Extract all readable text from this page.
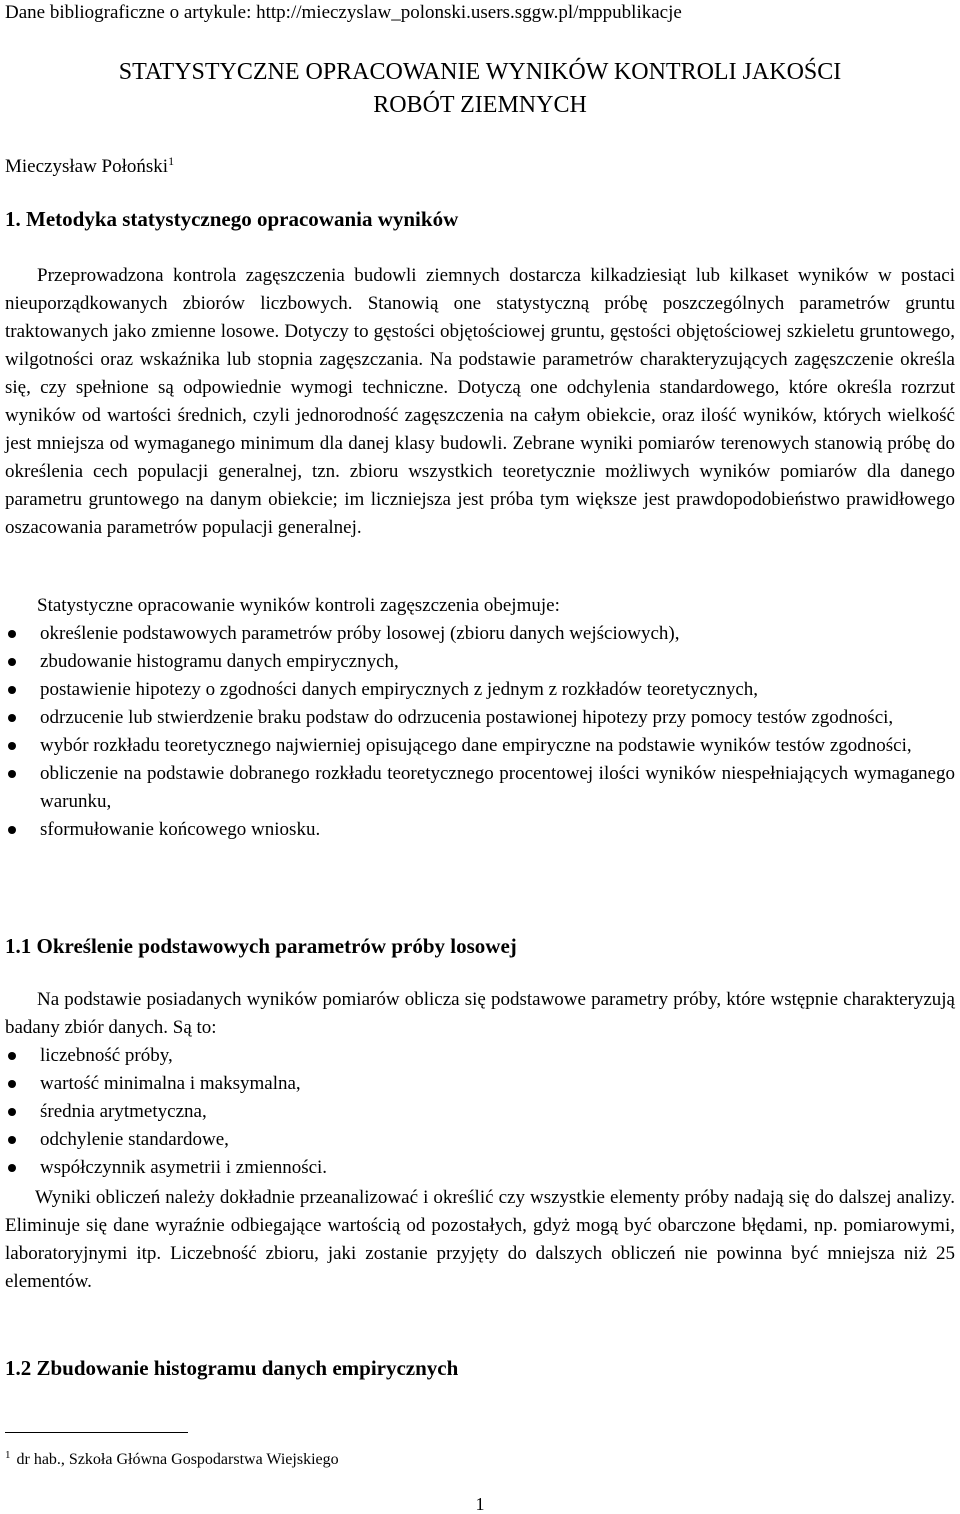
Dane bibliograficzne o artykule: http://mieczyslaw_polonski.users.sggw.pl/mppublikacje
STATYSTYCZNE OPRACOWANIE WYNIKÓW KONTROLI JAKOŚCI
ROBÓT ZIEMNYCH
Mieczysław Połoński$^1$
1. Metodyka statystycznego opracowania wyników

Przeprowadzona kontrola zagęszczenia budowli ziemnych dostarcza kilkadziesiąt lub kilkaset wyników w postaci nieuporządkowanych zbiorów liczbowych. Stanowią one statystyczną próbę poszczególnych parametrów gruntu traktowanych jako zmienne losowe. Dotyczy to gęstości objętościowej gruntu, gęstości objętościowej szkieletu gruntowego, wilgotności oraz wskaźnika lub stopnia zagęszczania. Na podstawie parametrów charakteryzujących zagęszczenie określa się, czy spełnione są odpowiednie wymogi techniczne. Dotyczą one odchylenia standardowego, które określa rozrzut wyników od wartości średnich, czyli jednorodność zagęszczenia na całym obiekcie, oraz ilość wyników, których wielkość jest mniejsza od wymaganego minimum dla danej klasy budowli. Zebrane wyniki pomiarów terenowych stanowią próbę do określenia cech populacji generalnej, tzn. zbioru wszystkich teoretycznie możliwych wyników pomiarów dla danego parametru gruntowego na danym obiekcie; im liczniejsza jest próba tym większe jest prawdopodobieństwo prawidłowego oszacowania parametrów populacji generalnej.

Statystyczne opracowanie wyników kontroli zagęszczenia obejmuje:

określenie podstawowych parametrów próby losowej (zbioru danych wejściowych),
zbudowanie histogramu danych empirycznych,
postawienie hipotezy o zgodności danych empirycznych z jednym z rozkładów teoretycznych,
odrzucenie lub stwierdzenie braku podstaw do odrzucenia postawionej hipotezy przy pomocy testów zgodności,
wybór rozkładu teoretycznego najwierniej opisującego dane empiryczne na podstawie wyników testów zgodności,
obliczenie na podstawie dobranego rozkładu teoretycznego procentowej ilości wyników niespełniających wymaganego warunku,
sformułowanie końcowego wniosku.
1.1 Określenie podstawowych parametrów próby losowej

Na podstawie posiadanych wyników pomiarów oblicza się podstawowe parametry próby, które wstępnie charakteryzują badany zbiór danych. Są to:

liczebność próby,
wartość minimalna i maksymalna,
średnia arytmetyczna,
odchylenie standardowe,
współczynnik asymetrii i zmienności.

Wyniki obliczeń należy dokładnie przeanalizować i określić czy wszystkie elementy próby nadają się do dalszej analizy. Eliminuje się dane wyraźnie odbiegające wartością od pozostałych, gdyż mogą być obarczone błędami, np. pomiarowymi, laboratoryjnymi itp. Liczebność zbioru, jaki zostanie przyjęty do dalszych obliczeń nie powinna być mniejsza niż 25 elementów.

1.2 Zbudowanie histogramu danych empirycznych
$^1$ dr hab., Szkoła Główna Gospodarstwa Wiejskiego
1
